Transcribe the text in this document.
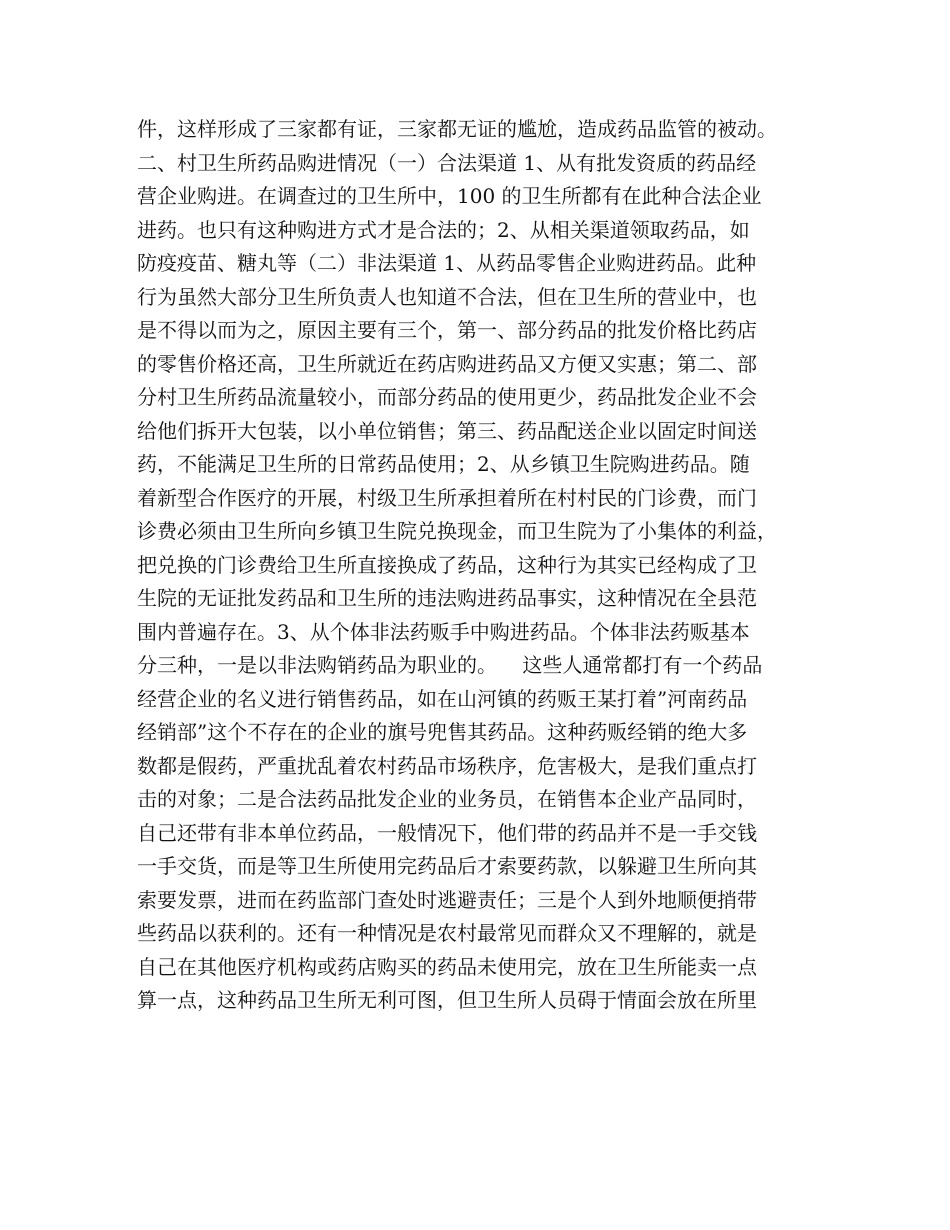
件，这样形成了三家都有证，三家都无证的尴尬，造成药品监管的被动。
二、村卫生所药品购进情况（一）合法渠道 1、从有批发资质的药品经
营企业购进。在调查过的卫生所中，100 的卫生所都有在此种合法企业
进药。也只有这种购进方式才是合法的；2、从相关渠道领取药品，如
防疫疫苗、糖丸等（二）非法渠道 1、从药品零售企业购进药品。此种
行为虽然大部分卫生所负责人也知道不合法，但在卫生所的营业中，也
是不得以而为之，原因主要有三个，第一、部分药品的批发价格比药店
的零售价格还高，卫生所就近在药店购进药品又方便又实惠；第二、部
分村卫生所药品流量较小，而部分药品的使用更少，药品批发企业不会
给他们拆开大包装，以小单位销售；第三、药品配送企业以固定时间送
药，不能满足卫生所的日常药品使用；2、从乡镇卫生院购进药品。随
着新型合作医疗的开展，村级卫生所承担着所在村村民的门诊费，而门
诊费必须由卫生所向乡镇卫生院兑换现金，而卫生院为了小集体的利益，
把兑换的门诊费给卫生所直接换成了药品，这种行为其实已经构成了卫
生院的无证批发药品和卫生所的违法购进药品事实，这种情况在全县范
围内普遍存在。3、从个体非法药贩手中购进药品。个体非法药贩基本
分三种，一是以非法购销药品为职业的。    这些人通常都打有一个药品
经营企业的名义进行销售药品，如在山河镇的药贩王某打着”河南药品
经销部”这个不存在的企业的旗号兜售其药品。这种药贩经销的绝大多
数都是假药，严重扰乱着农村药品市场秩序，危害极大，是我们重点打
击的对象；二是合法药品批发企业的业务员，在销售本企业产品同时，
自己还带有非本单位药品，一般情况下，他们带的药品并不是一手交钱
一手交货，而是等卫生所使用完药品后才索要药款，以躲避卫生所向其
索要发票，进而在药监部门查处时逃避责任；三是个人到外地顺便捎带
些药品以获利的。还有一种情况是农村最常见而群众又不理解的，就是
自己在其他医疗机构或药店购买的药品未使用完，放在卫生所能卖一点
算一点，这种药品卫生所无利可图，但卫生所人员碍于情面会放在所里
